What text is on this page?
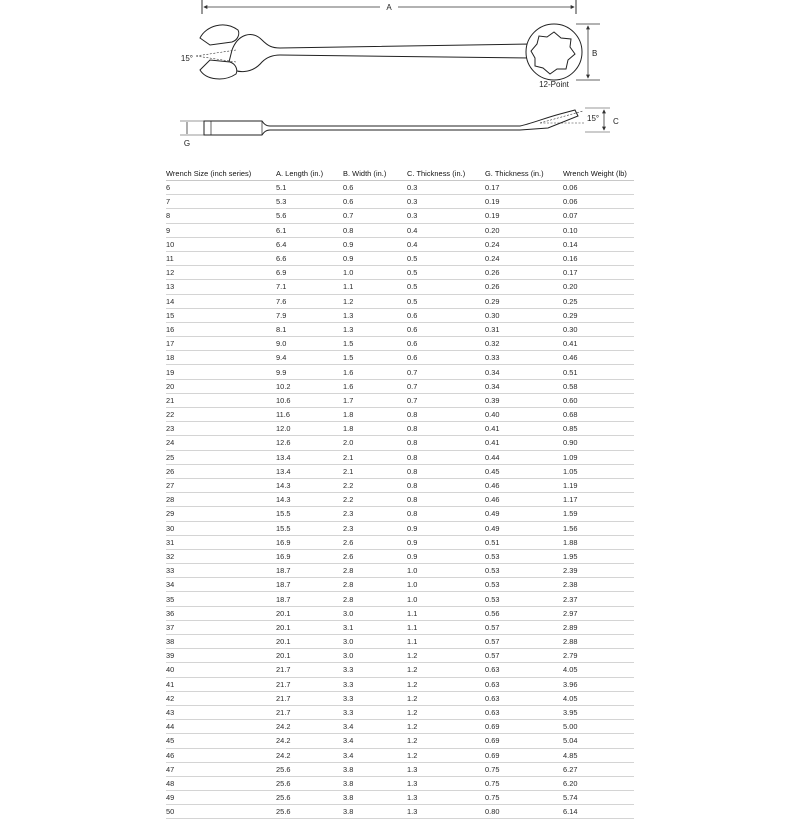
A
15°
B
12-Point
G
15° C
Wrench Size (inch series)	A. Length (in.)	B. Width (in.)	C. Thickness (in.)	G. Thickness (in.)	Wrench Weight (lb)
6	5.1	0.6	0.3	0.17	0.06
7	5.3	0.6	0.3	0.19	0.06
8	5.6	0.7	0.3	0.19	0.07
9	6.1	0.8	0.4	0.20	0.10
10	6.4	0.9	0.4	0.24	0.14
11	6.6	0.9	0.5	0.24	0.16
12	6.9	1.0	0.5	0.26	0.17
13	7.1	1.1	0.5	0.26	0.20
14	7.6	1.2	0.5	0.29	0.25
15	7.9	1.3	0.6	0.30	0.29
16	8.1	1.3	0.6	0.31	0.30
17	9.0	1.5	0.6	0.32	0.41
18	9.4	1.5	0.6	0.33	0.46
19	9.9	1.6	0.7	0.34	0.51
20	10.2	1.6	0.7	0.34	0.58
21	10.6	1.7	0.7	0.39	0.60
22	11.6	1.8	0.8	0.40	0.68
23	12.0	1.8	0.8	0.41	0.85
24	12.6	2.0	0.8	0.41	0.90
25	13.4	2.1	0.8	0.44	1.09
26	13.4	2.1	0.8	0.45	1.05
27	14.3	2.2	0.8	0.46	1.19
28	14.3	2.2	0.8	0.46	1.17
29	15.5	2.3	0.8	0.49	1.59
30	15.5	2.3	0.9	0.49	1.56
31	16.9	2.6	0.9	0.51	1.88
32	16.9	2.6	0.9	0.53	1.95
33	18.7	2.8	1.0	0.53	2.39
34	18.7	2.8	1.0	0.53	2.38
35	18.7	2.8	1.0	0.53	2.37
36	20.1	3.0	1.1	0.56	2.97
37	20.1	3.1	1.1	0.57	2.89
38	20.1	3.0	1.1	0.57	2.88
39	20.1	3.0	1.2	0.57	2.79
40	21.7	3.3	1.2	0.63	4.05
41	21.7	3.3	1.2	0.63	3.96
42	21.7	3.3	1.2	0.63	4.05
43	21.7	3.3	1.2	0.63	3.95
44	24.2	3.4	1.2	0.69	5.00
45	24.2	3.4	1.2	0.69	5.04
46	24.2	3.4	1.2	0.69	4.85
47	25.6	3.8	1.3	0.75	6.27
48	25.6	3.8	1.3	0.75	6.20
49	25.6	3.8	1.3	0.75	5.74
50	25.6	3.8	1.3	0.80	6.14
